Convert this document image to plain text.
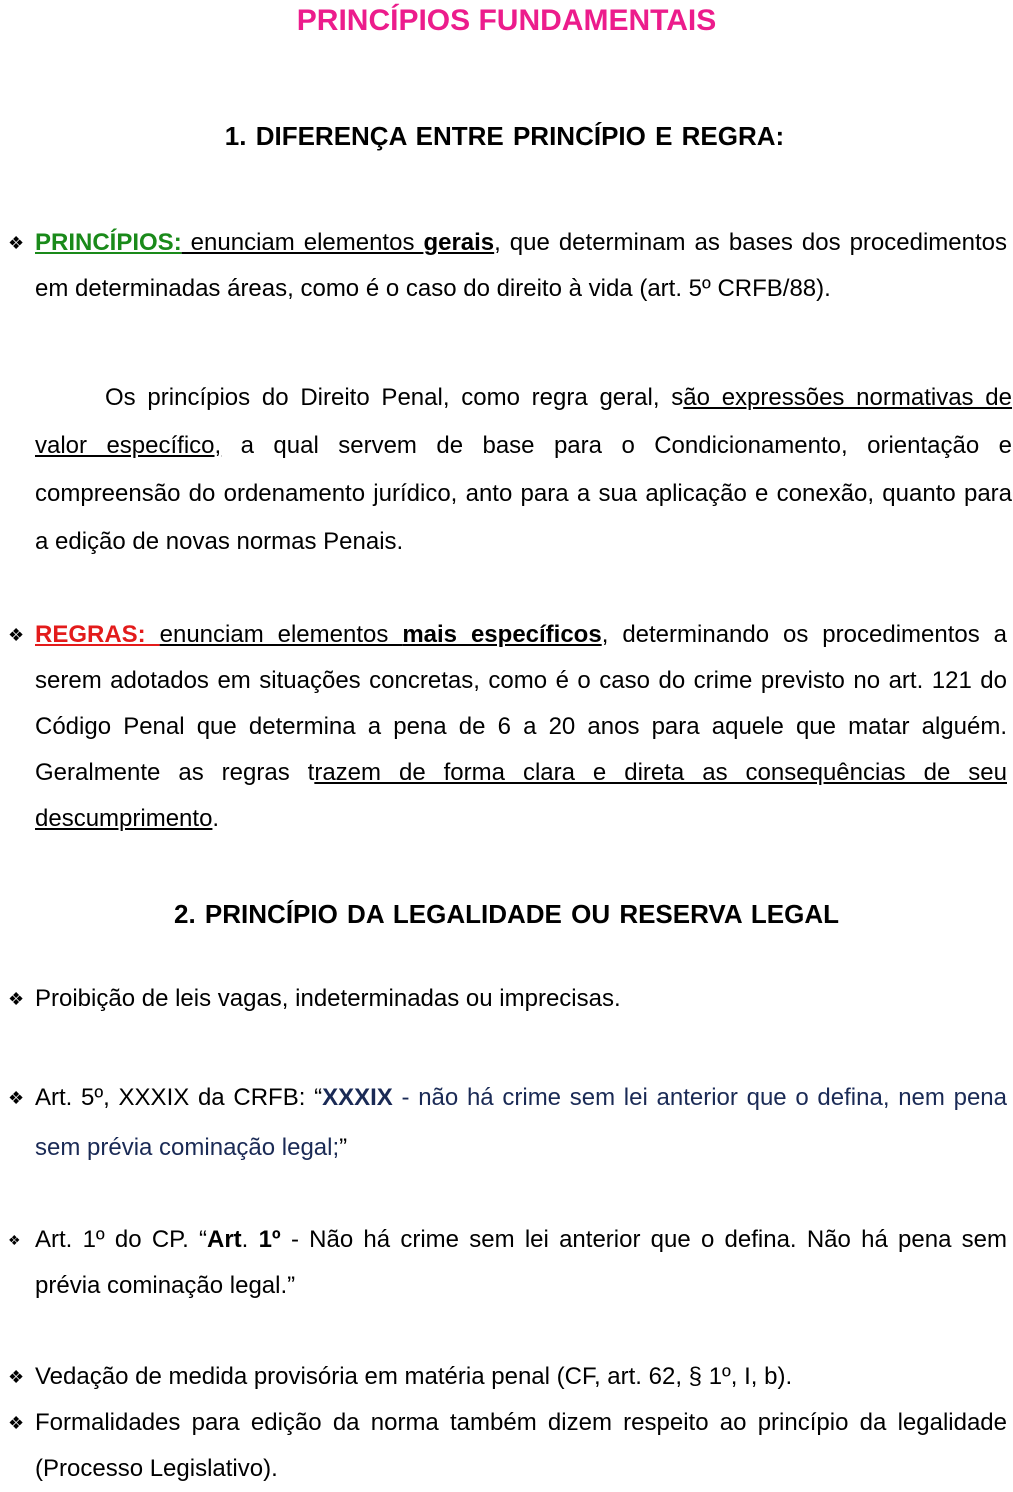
PRINCÍPIOS FUNDAMENTAIS
1. DIFERENÇA ENTRE PRINCÍPIO E REGRA:
❖ PRINCÍPIOS: enunciam elementos gerais, que determinam as bases dos procedimentos em determinadas áreas, como é o caso do direito à vida (art. 5º CRFB/88).
Os princípios do Direito Penal, como regra geral, são expressões normativas de valor específico, a qual servem de base para o Condicionamento, orientação e compreensão do ordenamento jurídico, anto para a sua aplicação e conexão, quanto para a edição de novas normas Penais.
❖ REGRAS: enunciam elementos mais específicos, determinando os procedimentos a serem adotados em situações concretas, como é o caso do crime previsto no art. 121 do Código Penal que determina a pena de 6 a 20 anos para aquele que matar alguém. Geralmente as regras trazem de forma clara e direta as consequências de seu descumprimento.
2. PRINCÍPIO DA LEGALIDADE OU RESERVA LEGAL
❖ Proibição de leis vagas, indeterminadas ou imprecisas.
❖ Art. 5º, XXXIX da CRFB: “XXXIX - não há crime sem lei anterior que o defina, nem pena sem prévia cominação legal;”
❖ Art. 1º do CP. “Art. 1º - Não há crime sem lei anterior que o defina. Não há pena sem prévia cominação legal.”
❖ Vedação de medida provisória em matéria penal (CF, art. 62, § 1º, I, b).
❖ Formalidades para edição da norma também dizem respeito ao princípio da legalidade (Processo Legislativo).
